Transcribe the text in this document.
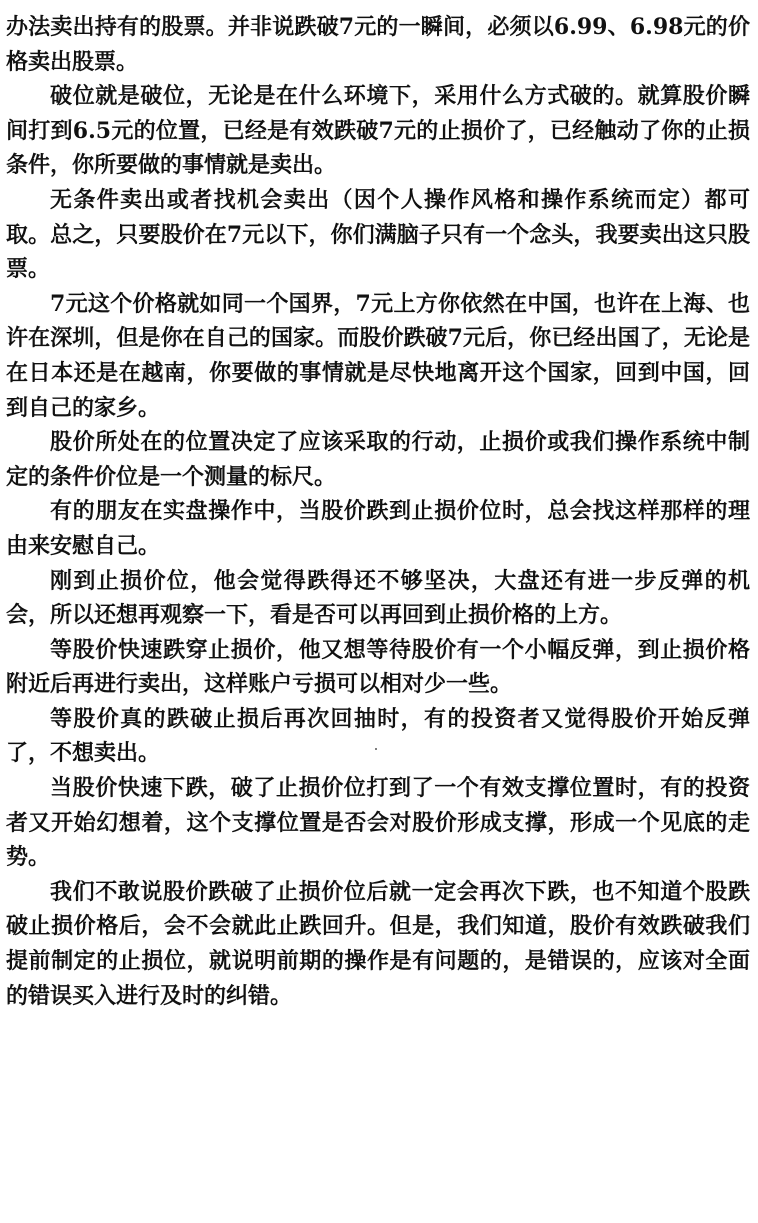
办法卖出持有的股票。并非说跌破7元的一瞬间，必须以6.99、6.98元的价格卖出股票。

破位就是破位，无论是在什么环境下，采用什么方式破的。就算股价瞬间打到6.5元的位置，已经是有效跌破7元的止损价了，已经触动了你的止损条件，你所要做的事情就是卖出。

无条件卖出或者找机会卖出（因个人操作风格和操作系统而定）都可取。总之，只要股价在7元以下，你们满脑子只有一个念头，我要卖出这只股票。

7元这个价格就如同一个国界，7元上方你依然在中国，也许在上海、也许在深圳，但是你在自己的国家。而股价跌破7元后，你已经出国了，无论是在日本还是在越南，你要做的事情就是尽快地离开这个国家，回到中国，回到自己的家乡。

股价所处在的位置决定了应该采取的行动，止损价或我们操作系统中制定的条件价位是一个测量的标尺。

有的朋友在实盘操作中，当股价跌到止损价位时，总会找这样那样的理由来安慰自己。

刚到止损价位，他会觉得跌得还不够坚决，大盘还有进一步反弹的机会，所以还想再观察一下，看是否可以再回到止损价格的上方。

等股价快速跌穿止损价，他又想等待股价有一个小幅反弹，到止损价格附近后再进行卖出，这样账户亏损可以相对少一些。

等股价真的跌破止损后再次回抽时，有的投资者又觉得股价开始反弹了，不想卖出。

当股价快速下跌，破了止损价位打到了一个有效支撑位置时，有的投资者又开始幻想着，这个支撑位置是否会对股价形成支撑，形成一个见底的走势。

我们不敢说股价跌破了止损价位后就一定会再次下跌，也不知道个股跌破止损价格后，会不会就此止跌回升。但是，我们知道，股价有效跌破我们提前制定的止损位，就说明前期的操作是有问题的，是错误的，应该对全面的错误买入进行及时的纠错。
